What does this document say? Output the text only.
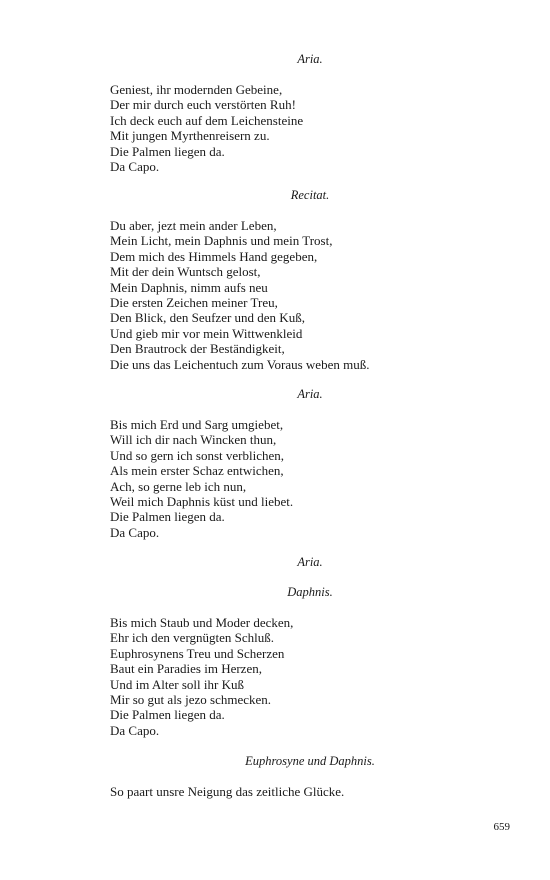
Aria.
Geniest, ihr modernden Gebeine,
Der mir durch euch verstörten Ruh!
Ich deck euch auf dem Leichensteine
Mit jungen Myrthenreisern zu.
Die Palmen liegen da.
Da Capo.
Recitat.
Du aber, jezt mein ander Leben,
Mein Licht, mein Daphnis und mein Trost,
Dem mich des Himmels Hand gegeben,
Mit der dein Wuntsch gelost,
Mein Daphnis, nimm aufs neu
Die ersten Zeichen meiner Treu,
Den Blick, den Seufzer und den Kuß,
Und gieb mir vor mein Wittwenkleid
Den Brautrock der Beständigkeit,
Die uns das Leichentuch zum Voraus weben muß.
Aria.
Bis mich Erd und Sarg umgiebet,
Will ich dir nach Wincken thun,
Und so gern ich sonst verblichen,
Als mein erster Schaz entwichen,
Ach, so gerne leb ich nun,
Weil mich Daphnis küst und liebet.
Die Palmen liegen da.
Da Capo.
Aria.
Daphnis.
Bis mich Staub und Moder decken,
Ehr ich den vergnügten Schluß.
Euphrosynens Treu und Scherzen
Baut ein Paradies im Herzen,
Und im Alter soll ihr Kuß
Mir so gut als jezo schmecken.
Die Palmen liegen da.
Da Capo.
Euphrosyne und Daphnis.
So paart unsre Neigung das zeitliche Glücke.
659
